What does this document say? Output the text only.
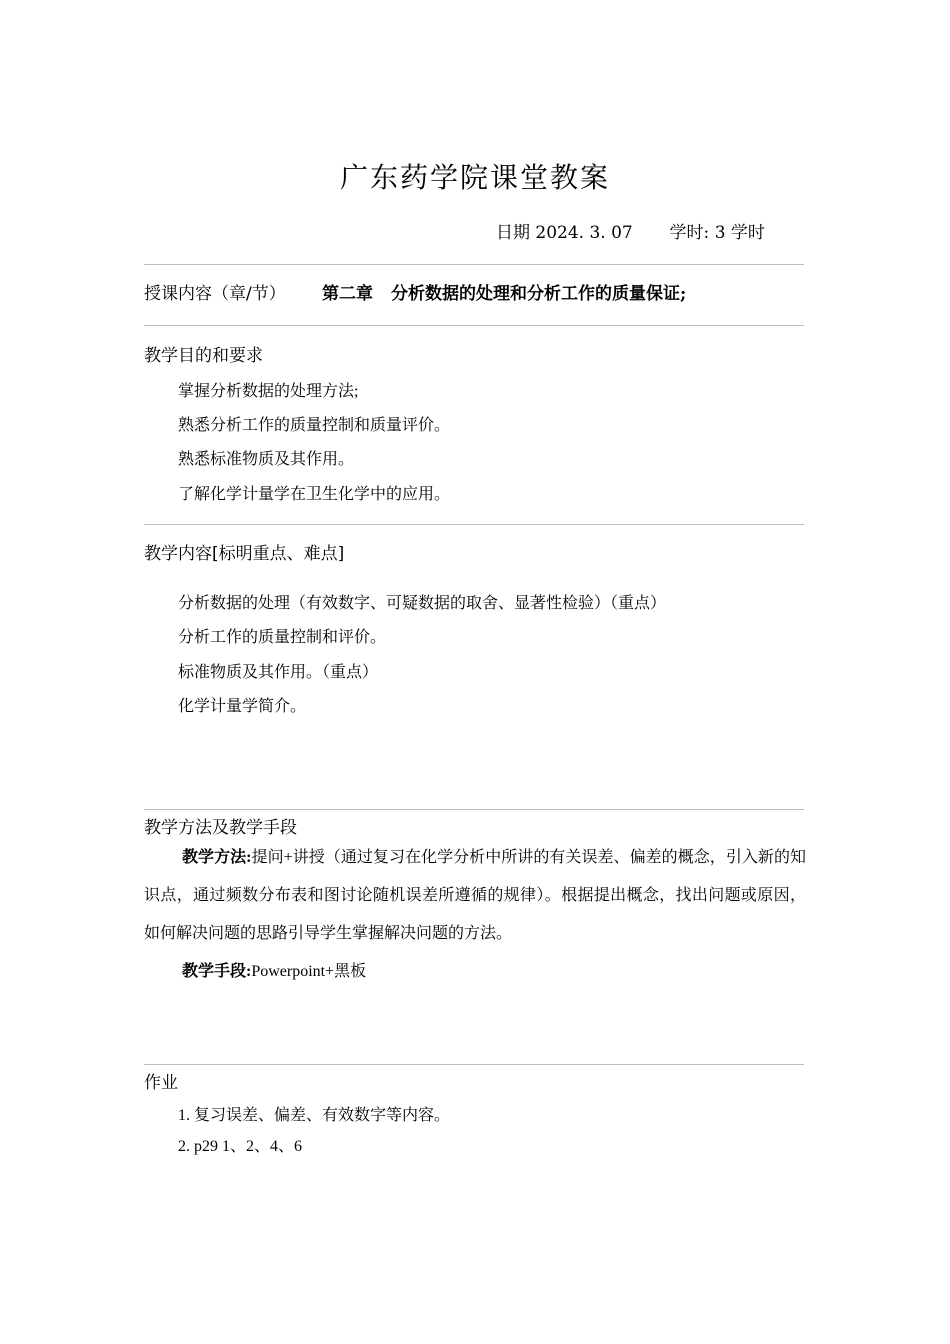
广东药学院课堂教案
日期 2024. 3. 07 学时: 3 学时
授课内容（章/节） 第二章 分析数据的处理和分析工作的质量保证;
教学目的和要求
掌握分析数据的处理方法;
熟悉分析工作的质量控制和质量评价。
熟悉标准物质及其作用。
了解化学计量学在卫生化学中的应用。
教学内容[标明重点、难点]
分析数据的处理（有效数字、可疑数据的取舍、显著性检验）（重点）
分析工作的质量控制和评价。
标准物质及其作用。（重点）
化学计量学简介。
教学方法及教学手段

教学方法:提问+讲授（通过复习在化学分析中所讲的有关误差、偏差的概念，引入新的知识点，通过频数分布表和图讨论随机误差所遵循的规律）。根据提出概念，找出问题或原因，如何解决问题的思路引导学生掌握解决问题的方法。

教学手段:Powerpoint+黑板
作业
1. 复习误差、偏差、有效数字等内容。
2. p29 1、2、4、6
